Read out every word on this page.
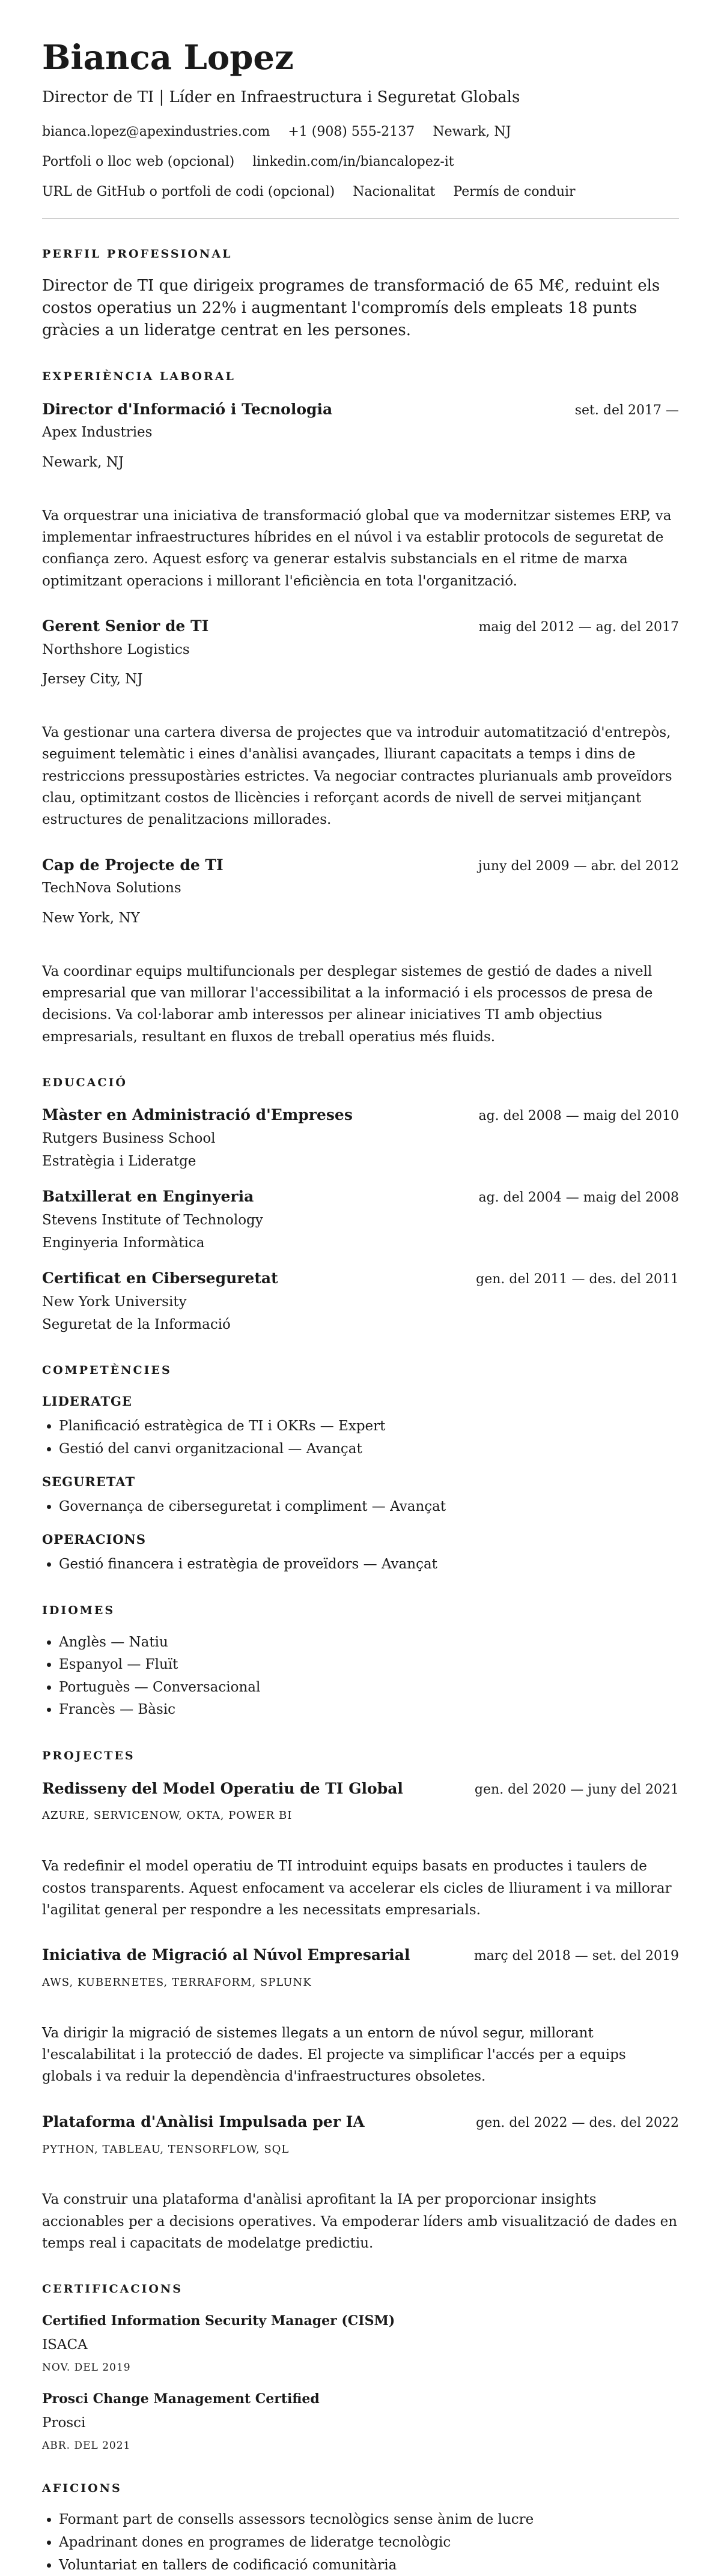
Bianca Lopez

Director de TI | Líder en Infraestructura i Seguretat Globals

bianca.lopez@apexindustries.com +1 (908) 555-2137 Newark, NJ
Portfoli o lloc web (opcional) linkedin.com/in/biancalopez-it
URL de GitHub o portfoli de codi (opcional) Nacionalitat Permís de conduir
PERFIL PROFESSIONAL

Director de TI que dirigeix programes de transformació de 65 M€, reduint els costos operatius un 22% i augmentant l'compromís dels empleats 18 punts gràcies a un lideratge centrat en les persones.

EXPERIÈNCIA LABORAL
Director d'Informació i Tecnologia	set. del 2017 —

Apex Industries

Newark, NJ

Va orquestrar una iniciativa de transformació global que va modernitzar sistemes ERP, va implementar infraestructures híbrides en el núvol i va establir protocols de seguretat de confiança zero. Aquest esforç va generar estalvis substancials en el ritme de marxa optimitzant operacions i millorant l'eficiència en tota l'organització.

Gerent Senior de TI	maig del 2012 — ag. del 2017

Northshore Logistics

Jersey City, NJ

Va gestionar una cartera diversa de projectes que va introduir automatització d'entrepòs, seguiment telemàtic i eines d'anàlisi avançades, lliurant capacitats a temps i dins de restriccions pressupostàries estrictes. Va negociar contractes plurianuals amb proveïdors clau, optimitzant costos de llicències i reforçant acords de nivell de servei mitjançant estructures de penalitzacions millorades.

Cap de Projecte de TI	juny del 2009 — abr. del 2012

TechNova Solutions

New York, NY

Va coordinar equips multifuncionals per desplegar sistemes de gestió de dades a nivell empresarial que van millorar l'accessibilitat a la informació i els processos de presa de decisions. Va col·laborar amb interessos per alinear iniciatives TI amb objectius empresarials, resultant en fluxos de treball operatius més fluids.

EDUCACIÓ
Màster en Administració d'Empreses	ag. del 2008 — maig del 2010

Rutgers Business School

Estratègia i Lideratge

Batxillerat en Enginyeria	ag. del 2004 — maig del 2008

Stevens Institute of Technology

Enginyeria Informàtica

Certificat en Ciberseguretat	gen. del 2011 — des. del 2011

New York University

Seguretat de la Informació

COMPETÈNCIES
LIDERATGE
• Planificació estratègica de TI i OKRs — Expert
• Gestió del canvi organitzacional — Avançat
SEGURETAT
• Governança de ciberseguretat i compliment — Avançat
OPERACIONS
• Gestió financera i estratègia de proveïdors — Avançat
IDIOMES
• Anglès — Natiu
• Espanyol — Fluït
• Portuguès — Conversacional
• Francès — Bàsic
PROJECTES
Redisseny del Model Operatiu de TI Global	gen. del 2020 — juny del 2021

AZURE, SERVICENOW, OKTA, POWER BI

Va redefinir el model operatiu de TI introduint equips basats en productes i taulers de costos transparents. Aquest enfocament va accelerar els cicles de lliurament i va millorar l'agilitat general per respondre a les necessitats empresarials.

Iniciativa de Migració al Núvol Empresarial	març del 2018 — set. del 2019

AWS, KUBERNETES, TERRAFORM, SPLUNK

Va dirigir la migració de sistemes llegats a un entorn de núvol segur, millorant l'escalabilitat i la protecció de dades. El projecte va simplificar l'accés per a equips globals i va reduir la dependència d'infraestructures obsoletes.

Plataforma d'Anàlisi Impulsada per IA	gen. del 2022 — des. del 2022

PYTHON, TABLEAU, TENSORFLOW, SQL

Va construir una plataforma d'anàlisi aprofitant la IA per proporcionar insights accionables per a decisions operatives. Va empoderar líders amb visualització de dades en temps real i capacitats de modelatge predictiu.

CERTIFICACIONS

Certified Information Security Manager (CISM)

ISACA

NOV. DEL 2019

Prosci Change Management Certified

Prosci

ABR. DEL 2021

AFICIONS
• Formant part de consells assessors tecnològics sense ànim de lucre
• Apadrinant dones en programes de lideratge tecnològic
• Voluntariat en tallers de codificació comunitària
